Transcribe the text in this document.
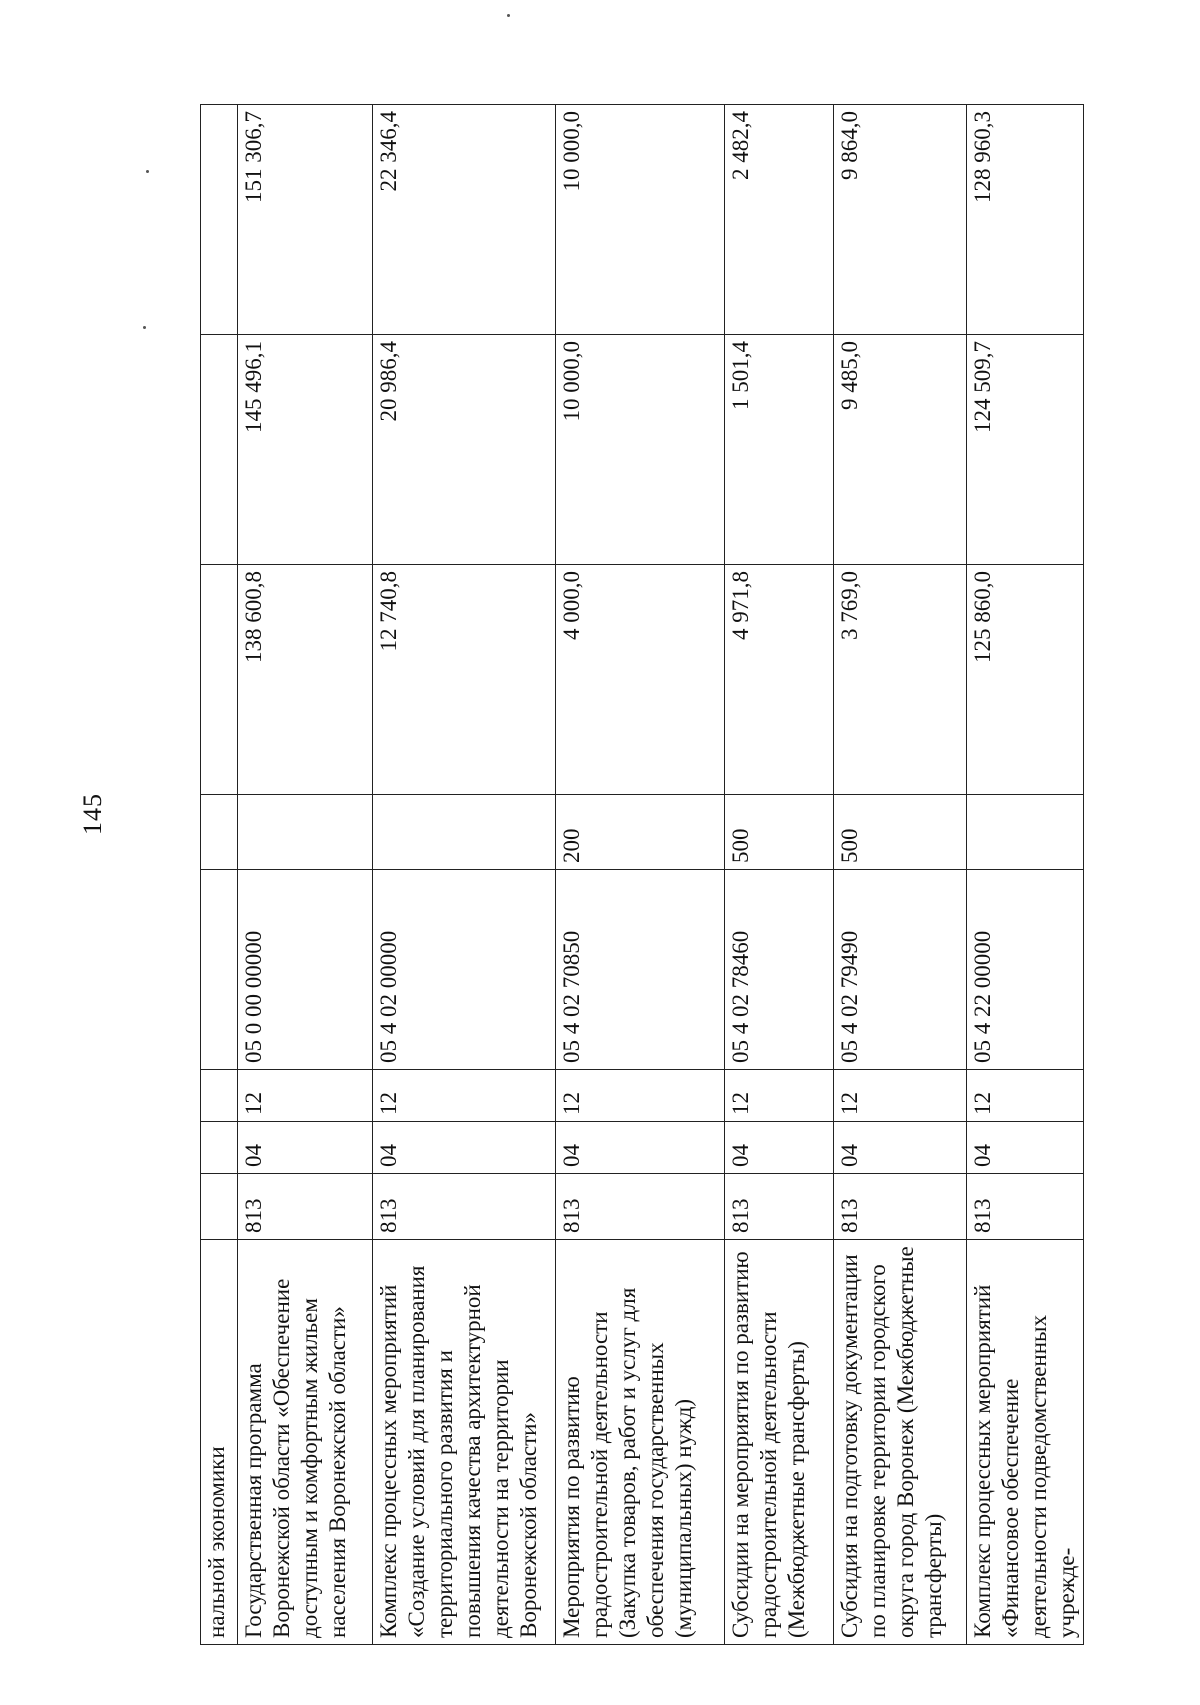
145
нальной экономики								
Государственная программа Воронежской области «Обеспечение доступным и комфортным жильем населения Воронежской области»	813	04	12	05 0 00 00000		138 600,8	145 496,1	151 306,7
Комплекс процессных мероприятий «Создание условий для планирования территориального развития и повышения качества архитектурной деятельности на территории Воронежской области»	813	04	12	05 4 02 00000		12 740,8	20 986,4	22 346,4
Мероприятия по развитию градостроительной деятельности (Закупка товаров, работ и услуг для обеспечения государственных (муниципальных) нужд)	813	04	12	05 4 02 70850	200	4 000,0	10 000,0	10 000,0
Субсидии на мероприятия по развитию градостроительной деятельности (Межбюджетные трансферты)	813	04	12	05 4 02 78460	500	4 971,8	1 501,4	2 482,4
Субсидия на подготовку документации по планировке территории городского округа город Воронеж (Межбюджетные трансферты)	813	04	12	05 4 02 79490	500	3 769,0	9 485,0	9 864,0
Комплекс процессных мероприятий «Финансовое обеспечение деятельности подведомственных учрежде-	813	04	12	05 4 22 00000		125 860,0	124 509,7	128 960,3
